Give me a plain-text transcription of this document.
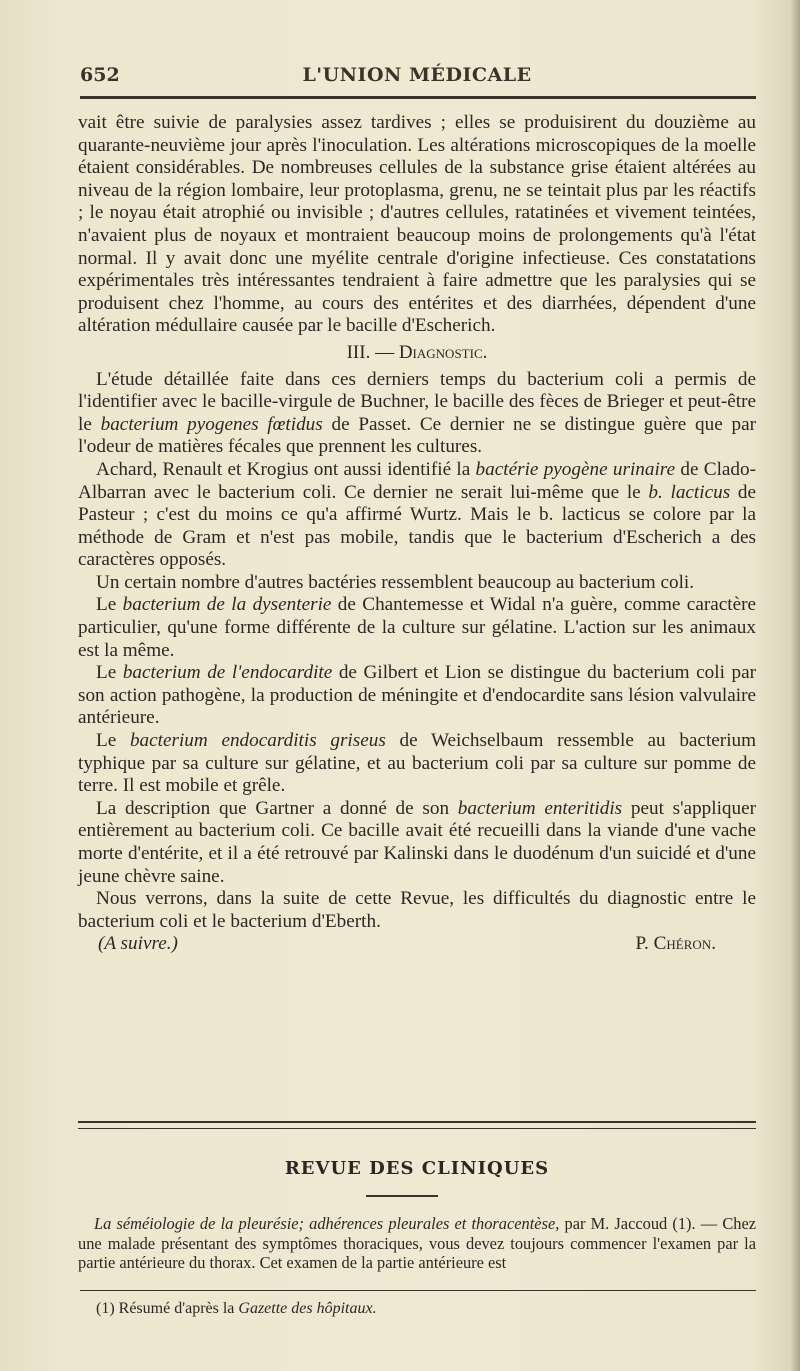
652	L'UNION MÉDICALE

vait être suivie de paralysies assez tardives ; elles se produisirent du douzième au quarante-neuvième jour après l'inoculation. Les altérations microscopiques de la moelle étaient considérables. De nombreuses cellules de la substance grise étaient altérées au niveau de la région lombaire, leur protoplasma, grenu, ne se teintait plus par les réactifs ; le noyau était atrophié ou invisible ; d'autres cellules, ratatinées et vivement teintées, n'avaient plus de noyaux et montraient beaucoup moins de prolongements qu'à l'état normal. Il y avait donc une myélite centrale d'origine infectieuse. Ces constatations expérimentales très intéressantes tendraient à faire admettre que les paralysies qui se produisent chez l'homme, au cours des entérites et des diarrhées, dépendent d'une altération médullaire causée par le bacille d'Escherich.

III. — Diagnostic.

L'étude détaillée faite dans ces derniers temps du bacterium coli a permis de l'identifier avec le bacille-virgule de Buchner, le bacille des fèces de Brieger et peut-être le bacterium pyogenes fœtidus de Passet. Ce dernier ne se distingue guère que par l'odeur de matières fécales que prennent les cultures.

Achard, Renault et Krogius ont aussi identifié la bactérie pyogène urinaire de Clado-Albarran avec le bacterium coli. Ce dernier ne serait lui-même que le b. lacticus de Pasteur ; c'est du moins ce qu'a affirmé Wurtz. Mais le b. lacticus se colore par la méthode de Gram et n'est pas mobile, tandis que le bacterium d'Escherich a des caractères opposés.

Un certain nombre d'autres bactéries ressemblent beaucoup au bacterium coli.

Le bacterium de la dysenterie de Chantemesse et Widal n'a guère, comme caractère particulier, qu'une forme différente de la culture sur gélatine. L'action sur les animaux est la même.

Le bacterium de l'endocardite de Gilbert et Lion se distingue du bacterium coli par son action pathogène, la production de méningite et d'endocardite sans lésion valvulaire antérieure.

Le bacterium endocarditis griseus de Weichselbaum ressemble au bacterium typhique par sa culture sur gélatine, et au bacterium coli par sa culture sur pomme de terre. Il est mobile et grêle.

La description que Gartner a donné de son bacterium enteritidis peut s'appliquer entièrement au bacterium coli. Ce bacille avait été recueilli dans la viande d'une vache morte d'entérite, et il a été retrouvé par Kalinski dans le duodénum d'un suicidé et d'une jeune chèvre saine.

Nous verrons, dans la suite de cette Revue, les difficultés du diagnostic entre le bacterium coli et le bacterium d'Eberth.

(A suivre.)	P. Chéron.

REVUE DES CLINIQUES

La séméiologie de la pleurésie; adhérences pleurales et thoracentèse, par M. Jaccoud (1). — Chez une malade présentant des symptômes thoraciques, vous devez toujours commencer l'examen par la partie antérieure du thorax. Cet examen de la partie antérieure est

(1) Résumé d'après la Gazette des hôpitaux.
